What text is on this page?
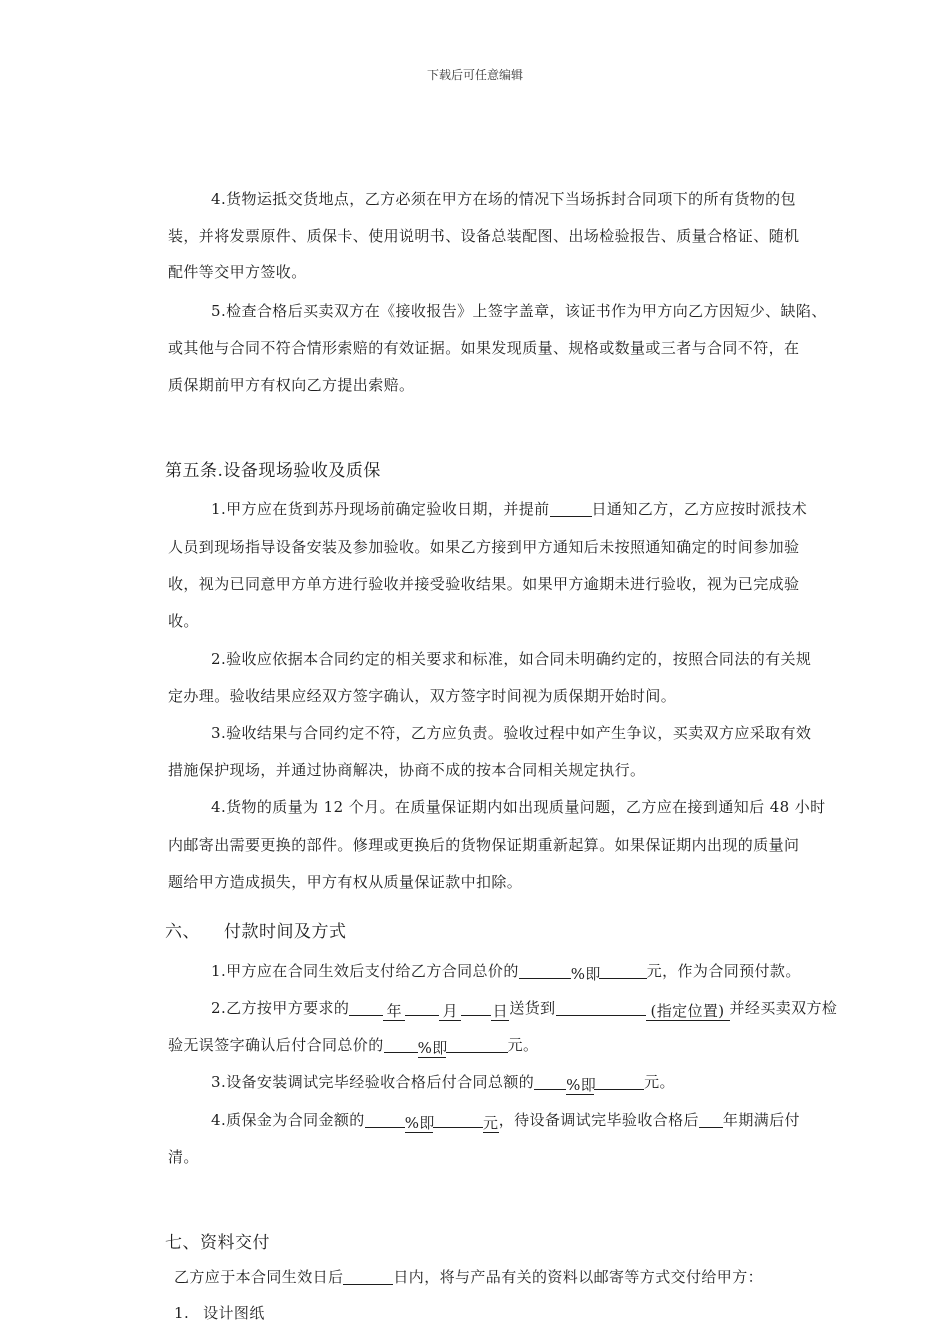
下载后可任意编辑
4.货物运抵交货地点，乙方必须在甲方在场的情况下当场拆封合同项下的所有货物的包
装，并将发票原件、质保卡、使用说明书、设备总装配图、出场检验报告、质量合格证、随机
配件等交甲方签收。
5.检查合格后买卖双方在《接收报告》上签字盖章，该证书作为甲方向乙方因短少、缺陷、
或其他与合同不符合情形索赔的有效证据。如果发现质量、规格或数量或三者与合同不符，在
质保期前甲方有权向乙方提出索赔。
第五条.设备现场验收及质保
1.甲方应在货到苏丹现场前确定验收日期，并提前	日通知乙方，乙方应按时派技术
人员到现场指导设备安装及参加验收。如果乙方接到甲方通知后未按照通知确定的时间参加验
收，视为已同意甲方单方进行验收并接受验收结果。如果甲方逾期未进行验收，视为已完成验
收。
2.验收应依据本合同约定的相关要求和标准，如合同未明确约定的，按照合同法的有关规
定办理。验收结果应经双方签字确认，双方签字时间视为质保期开始时间。
3.验收结果与合同约定不符，乙方应负责。验收过程中如产生争议，买卖双方应采取有效
措施保护现场，并通过协商解决，协商不成的按本合同相关规定执行。
4.货物的质量为 12 个月。在质量保证期内如出现质量问题，乙方应在接到通知后 48 小时
内邮寄出需要更换的部件。修理或更换后的货物保证期重新起算。如果保证期内出现的质量问
题给甲方造成损失，甲方有权从质量保证款中扣除。
六、 付款时间及方式
1.甲方应在合同生效后支付给乙方合同总价的	%即	元，作为合同预付款。
2.乙方按甲方要求的 年	月 日送货到	(指定位置) 并经买卖双方检
验无误签字确认后付合同总价的 %即	元。
3.设备安装调试完毕经验收合格后付合同总额的 %即	元。
4.质保金为合同金额的	%即	元，待设备调试完毕验收合格后 年期满后付
清。
七、资料交付
乙方应于本合同生效日后	日内，将与产品有关的资料以邮寄等方式交付给甲方：
1. 设计图纸
